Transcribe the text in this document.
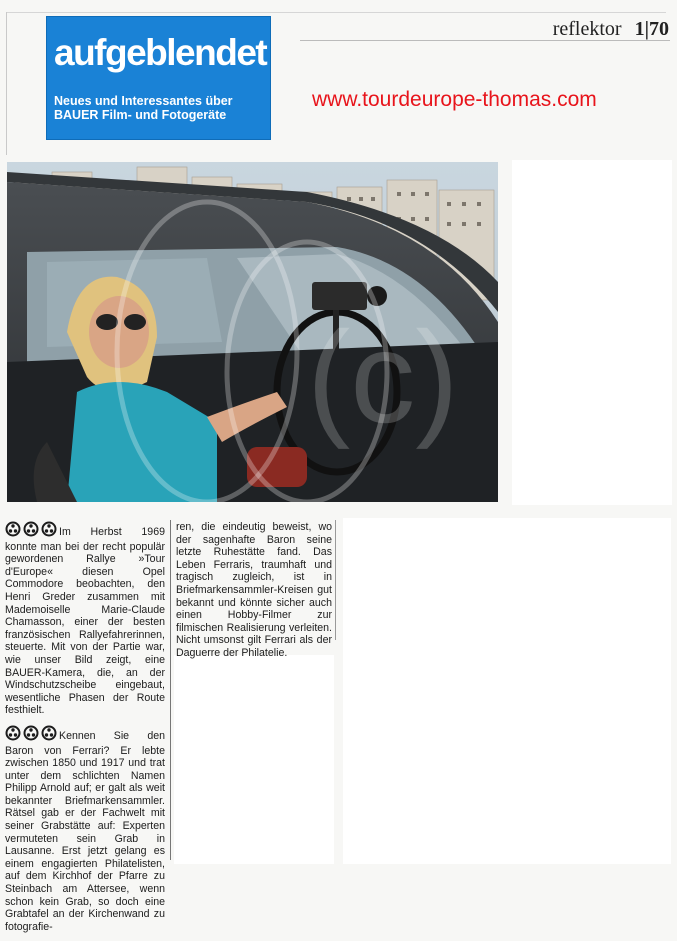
aufgeblendet
Neues und Interessantes über BAUER Film- und Fotogeräte
reflektor 1|70
www.tourdeurope-thomas.com
(c)

Im Herbst 1969 konnte man bei der recht populär gewordenen Rallye »Tour d'Europe« diesen Opel Commodore beobachten, den Henri Greder zusammen mit Mademoiselle Marie-Claude Chamasson, einer der besten französischen Rallyefahrerinnen, steuerte. Mit von der Partie war, wie unser Bild zeigt, eine BAUER-Kamera, die, an der Windschutzscheibe eingebaut, wesentliche Phasen der Route festhielt.

Kennen Sie den Baron von Ferrari? Er lebte zwischen 1850 und 1917 und trat unter dem schlichten Namen Philipp Arnold auf; er galt als weit bekannter Briefmarkensammler. Rätsel gab er der Fachwelt mit seiner Grabstätte auf: Experten vermuteten sein Grab in Lausanne. Erst jetzt gelang es einem engagierten Philatelisten, auf dem Kirchhof der Pfarre zu Steinbach am Attersee, wenn schon kein Grab, so doch eine Grabtafel an der Kirchenwand zu fotografie-

ren, die eindeutig beweist, wo der sagenhafte Baron seine letzte Ruhestätte fand. Das Leben Ferraris, traumhaft und tragisch zugleich, ist in Briefmarkensammler-Kreisen gut bekannt und könnte sicher auch einen Hobby-Filmer zur filmischen Realisierung verleiten. Nicht umsonst gilt Ferrari als der Daguerre der Philatelie.
